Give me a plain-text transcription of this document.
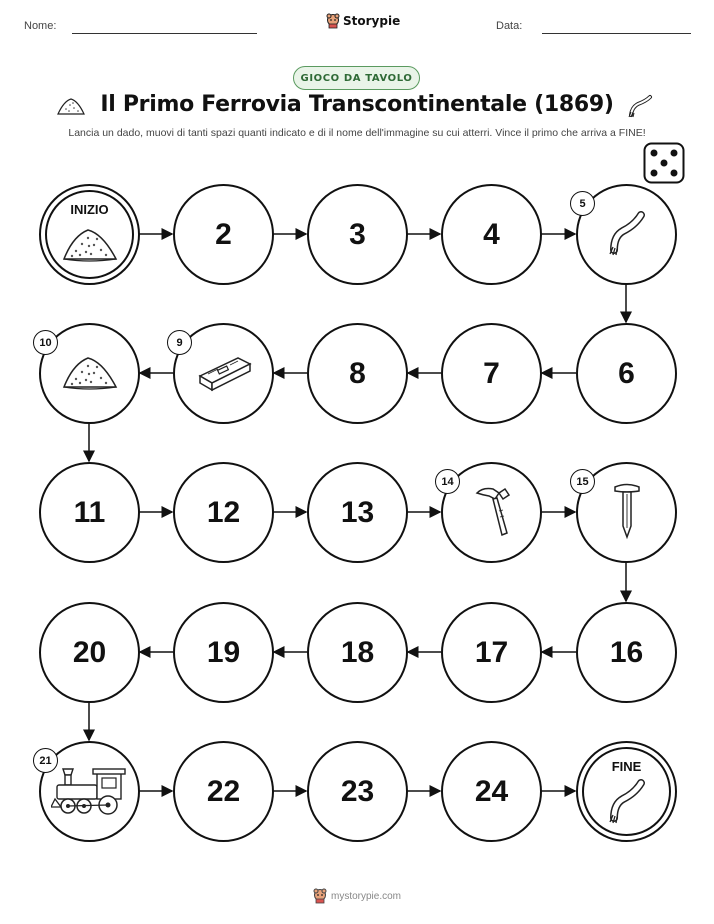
Nome:	Storypie	Data:
GIOCO DA TAVOLO
Il Primo Ferrovia Transcontinentale (1869)
Lancia un dado, muovi di tanti spazi quanti indicato e di il nome dell'immagine su cui atterri. Vince il primo che arriva a FINE!
INIZIO
2	3	4
5
6
7
8
9
10
11	12	13
14	15
16
17
18
19
20
21
22	23	24
FINE
mystorypie.com
